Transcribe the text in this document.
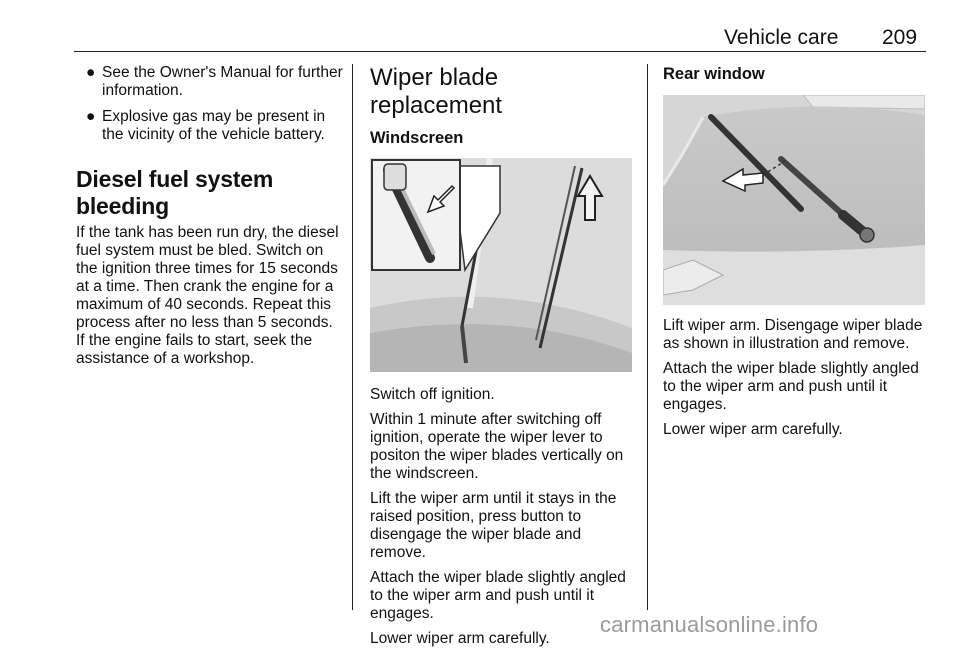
Vehicle care 209
● See the Owner's Manual for further information.
● Explosive gas may be present in the vicinity of the vehicle battery.
Diesel fuel system bleeding

If the tank has been run dry, the diesel fuel system must be bled. Switch on the ignition three times for 15 seconds at a time. Then crank the engine for a maximum of 40 seconds. Repeat this process after no less than 5 seconds. If the engine fails to start, seek the assistance of a workshop.

Wiper blade replacement
Windscreen

Switch off ignition.

Within 1 minute after switching off ignition, operate the wiper lever to positon the wiper blades vertically on the windscreen.

Lift the wiper arm until it stays in the raised position, press button to disengage the wiper blade and remove.

Attach the wiper blade slightly angled to the wiper arm and push until it engages.

Lower wiper arm carefully.

Rear window

Lift wiper arm. Disengage wiper blade as shown in illustration and remove.

Attach the wiper blade slightly angled to the wiper arm and push until it engages.

Lower wiper arm carefully.

carmanualsonline.info
